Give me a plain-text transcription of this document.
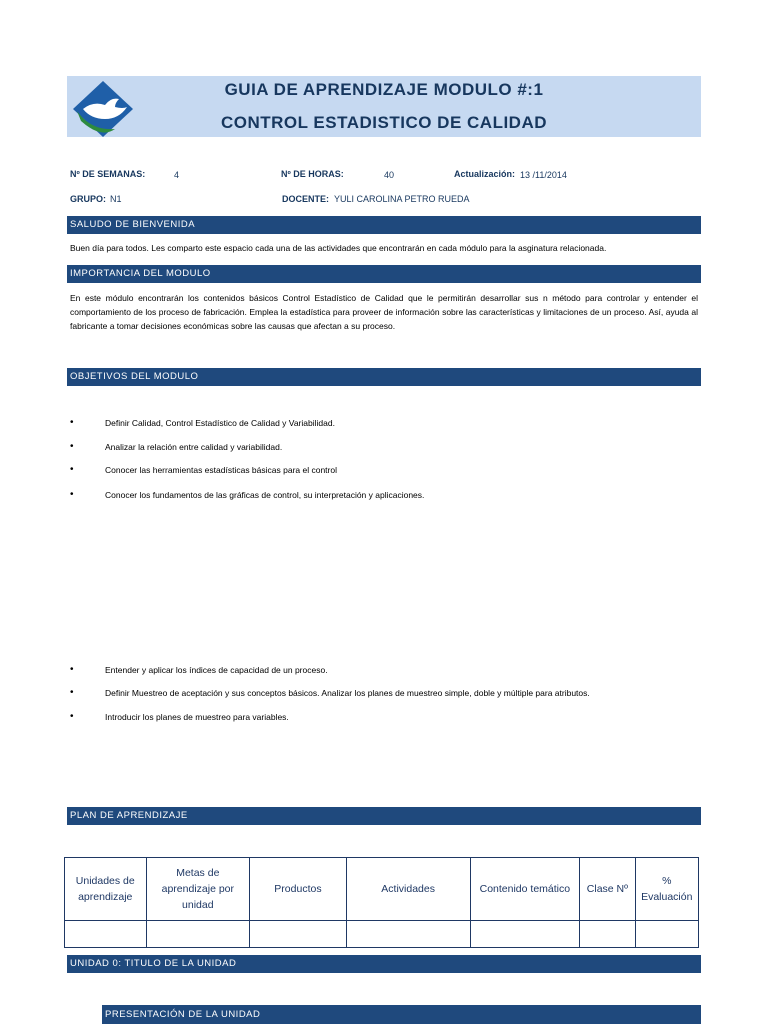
GUIA DE APRENDIZAJE MODULO #:1
CONTROL ESTADISTICO DE CALIDAD
Nº DE SEMANAS:	4	Nº DE HORAS:	40	Actualización: 13 /11/2014
GRUPO: N1	DOCENTE: YULI CAROLINA PETRO RUEDA
SALUDO DE BIENVENIDA
Buen día para todos. Les comparto este espacio cada una de las actividades que encontrarán en cada módulo para la asginatura relacionada.
IMPORTANCIA DEL MODULO
En este módulo encontrarán los contenidos básicos Control Estadístico de Calidad que le permitirán desarrollar sus n método para controlar y entender el comportamiento de los proceso de fabricación. Emplea la estadística para proveer de información sobre las características y limitaciones de un proceso. Así, ayuda al fabricante a tomar decisiones económicas sobre las causas que afectan a su proceso.
OBJETIVOS DEL MODULO
•	Definir Calidad, Control Estadístico de Calidad y Variabilidad.
•	Analizar la relación entre calidad y variabilidad.
•	Conocer las herramientas estadísticas básicas para el control
•	Conocer los fundamentos de las gráficas de control, su interpretación y aplicaciones.
•	Entender y aplicar los índices de capacidad de un proceso.
•	Definir Muestreo de aceptación y sus conceptos básicos. Analizar los planes de muestreo simple, doble y múltiple para atributos.
•	Introducir los planes de muestreo para variables.
PLAN DE APRENDIZAJE
Unidades de aprendizaje	Metas de aprendizaje por unidad	Productos	Actividades	Contenido temático	Clase Nº	% Evaluación

UNIDAD 0: TITULO DE LA UNIDAD
PRESENTACIÓN DE LA UNIDAD
